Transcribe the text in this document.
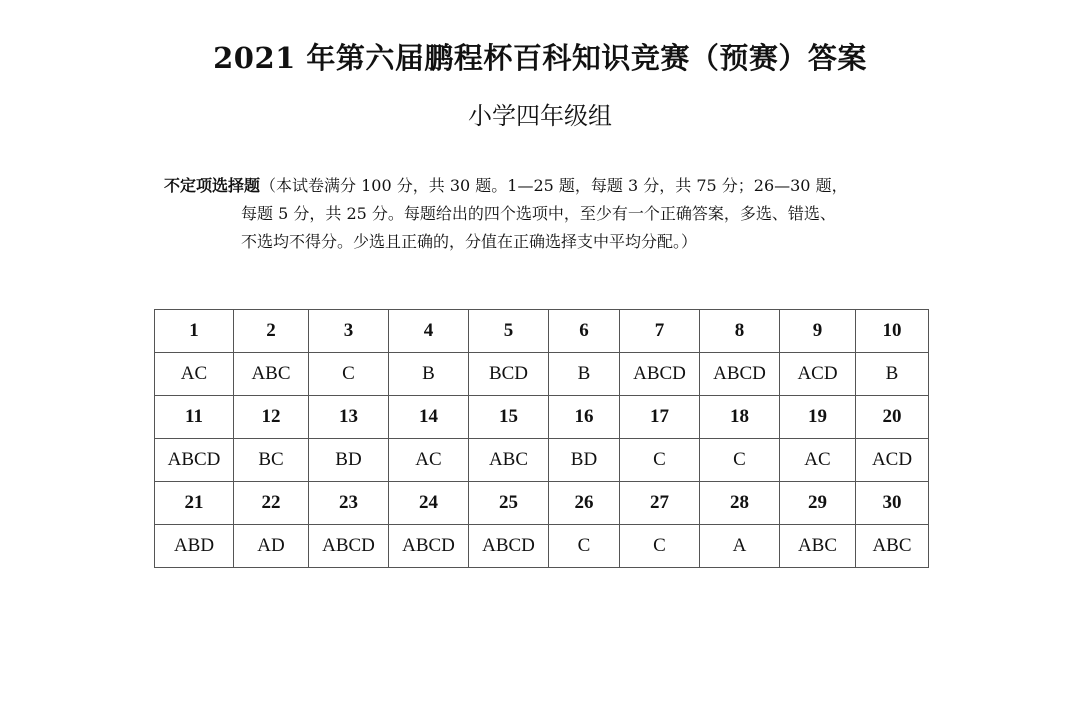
2021 年第六届鹏程杯百科知识竞赛（预赛）答案
小学四年级组
不定项选择题（本试卷满分 100 分，共 30 题。1—25 题，每题 3 分，共 75 分；26—30 题，
每题 5 分，共 25 分。每题给出的四个选项中，至少有一个正确答案，多选、错选、
不选均不得分。少选且正确的，分值在正确选择支中平均分配。）
1	2	3	4	5	6	7	8	9	10
AC	ABC	C	B	BCD	B	ABCD	ABCD	ACD	B
11	12	13	14	15	16	17	18	19	20
ABCD	BC	BD	AC	ABC	BD	C	C	AC	ACD
21	22	23	24	25	26	27	28	29	30
ABD	AD	ABCD	ABCD	ABCD	C	C	A	ABC	ABC
